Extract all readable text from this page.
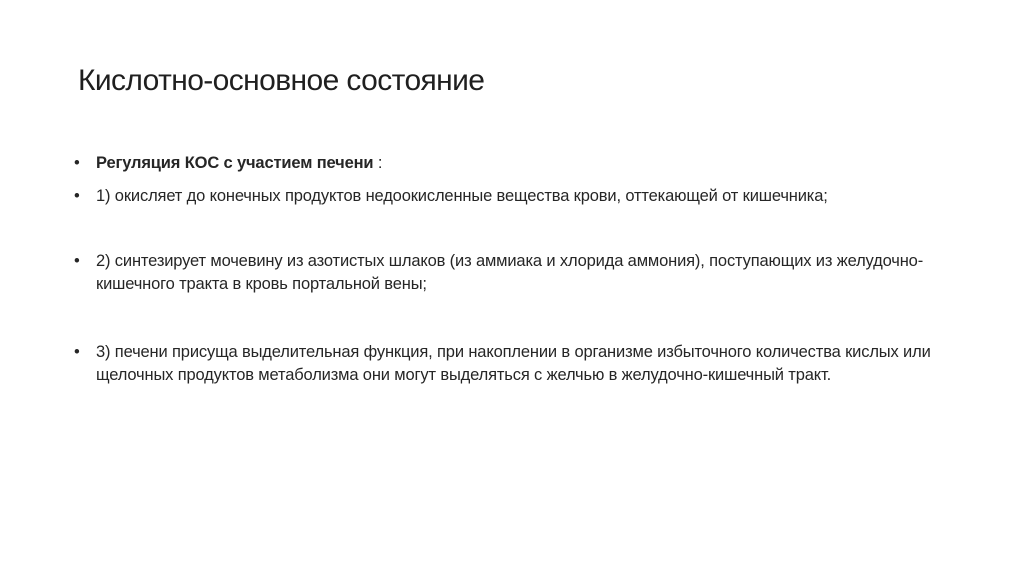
Кислотно-основное состояние
• Регуляция КОС с участием печени :
• 1) окисляет до конечных продуктов недоокисленные вещества крови, оттекающей от кишечника;
• 2) синтезирует мочевину из азотистых шлаков (из аммиака и хлорида аммония), поступающих из желудочно-кишечного тракта в кровь портальной вены;
• 3) печени присуща выделительная функция, при накоплении в организме избыточного количества кислых или щелочных продуктов метаболизма они могут выделяться с желчью в желудочно-кишечный тракт.
